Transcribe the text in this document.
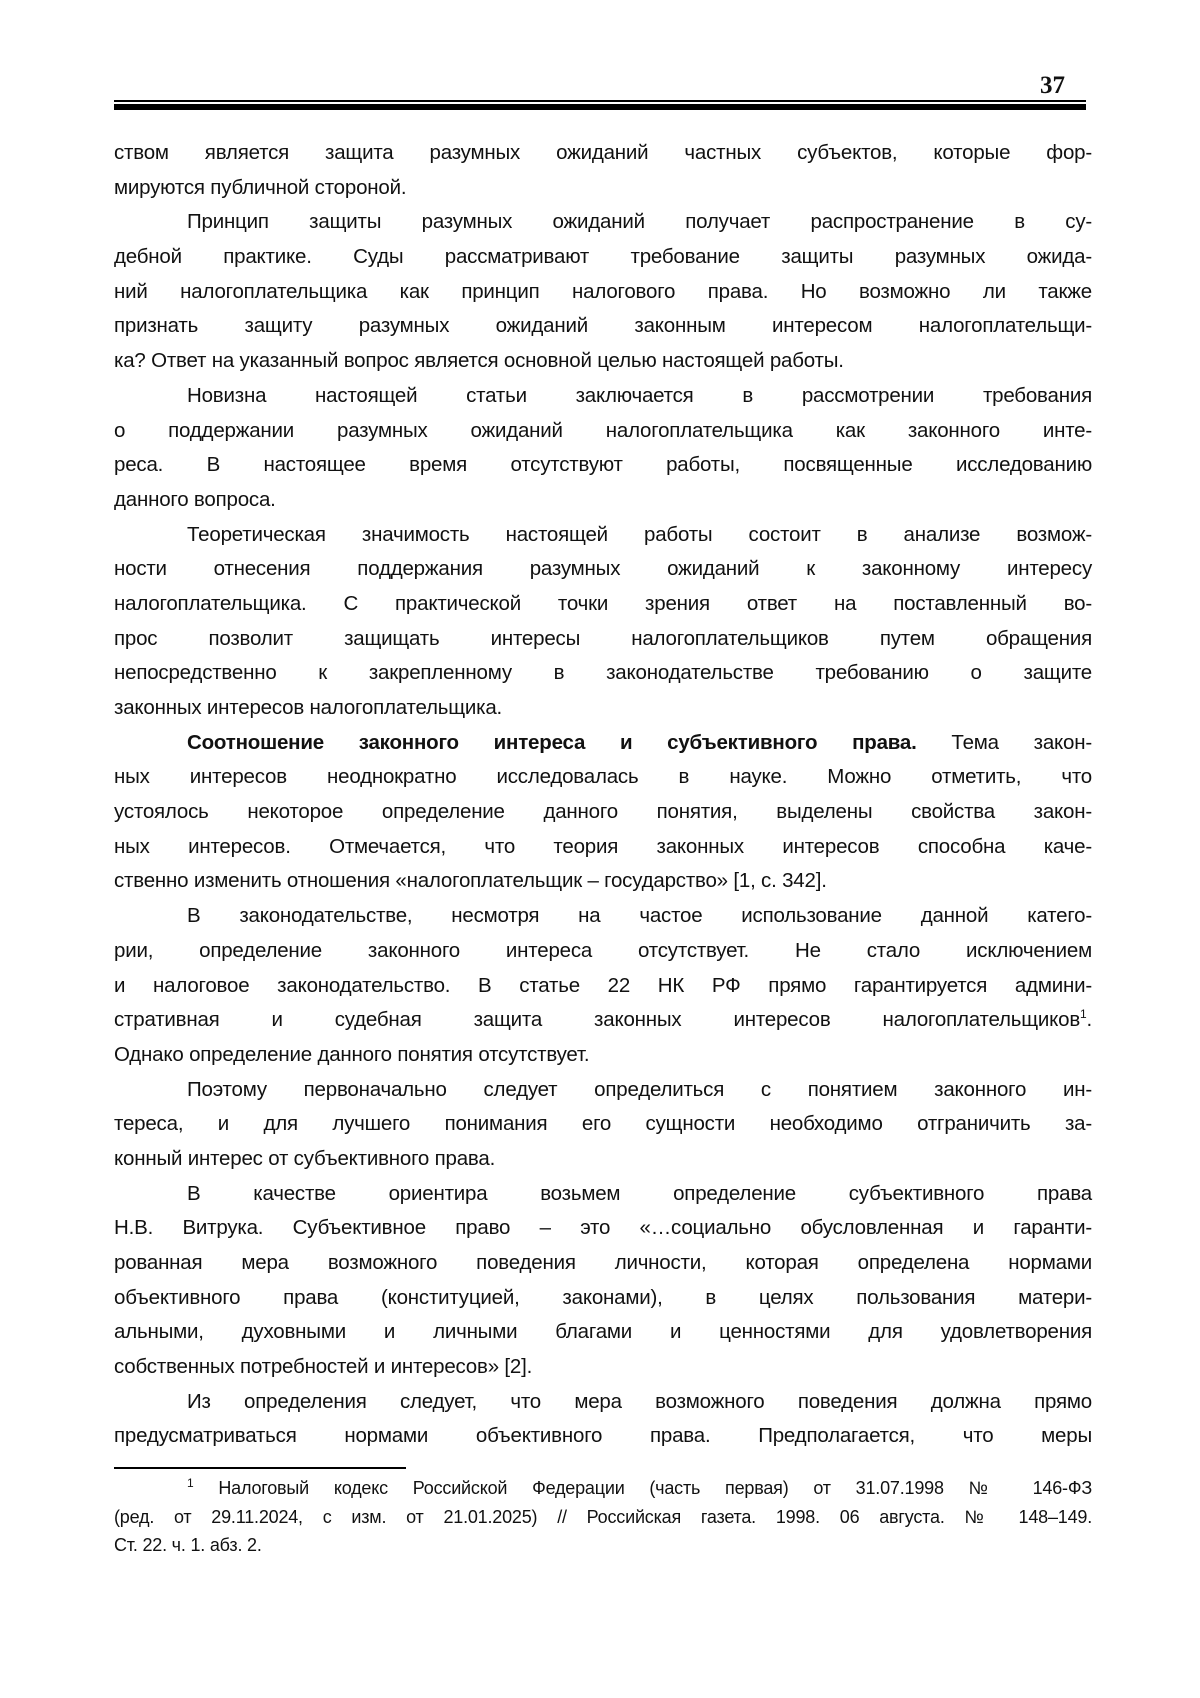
37
ством является защита разумных ожиданий частных субъектов, которые фор-
мируются публичной стороной.
Принцип защиты разумных ожиданий получает распространение в су-
дебной практике. Суды рассматривают требование защиты разумных ожида-
ний налогоплательщика как принцип налогового права. Но возможно ли также
признать защиту разумных ожиданий законным интересом налогоплательщи-
ка? Ответ на указанный вопрос является основной целью настоящей работы.
Новизна настоящей статьи заключается в рассмотрении требования
о поддержании разумных ожиданий налогоплательщика как законного инте-
реса. В настоящее время отсутствуют работы, посвященные исследованию
данного вопроса.
Теоретическая значимость настоящей работы состоит в анализе возмож-
ности отнесения поддержания разумных ожиданий к законному интересу
налогоплательщика. С практической точки зрения ответ на поставленный во-
прос позволит защищать интересы налогоплательщиков путем обращения
непосредственно к закрепленному в законодательстве требованию о защите
законных интересов налогоплательщика.
Соотношение законного интереса и субъективного права. Тема закон-
ных интересов неоднократно исследовалась в науке. Можно отметить, что
устоялось некоторое определение данного понятия, выделены свойства закон-
ных интересов. Отмечается, что теория законных интересов способна каче-
ственно изменить отношения «налогоплательщик – государство» [1, с. 342].
В законодательстве, несмотря на частое использование данной катего-
рии, определение законного интереса отсутствует. Не стало исключением
и налоговое законодательство. В статье 22 НК РФ прямо гарантируется админи-
стративная и судебная защита законных интересов налогоплательщиков$^1$.
Однако определение данного понятия отсутствует.
Поэтому первоначально следует определиться с понятием законного ин-
тереса, и для лучшего понимания его сущности необходимо отграничить за-
конный интерес от субъективного права.
В качестве ориентира возьмем определение субъективного права
Н.В. Витрука. Субъективное право – это «…социально обусловленная и гаранти-
рованная мера возможного поведения личности, которая определена нормами
объективного права (конституцией, законами), в целях пользования матери-
альными, духовными и личными благами и ценностями для удовлетворения
собственных потребностей и интересов» [2].
Из определения следует, что мера возможного поведения должна прямо
предусматриваться нормами объективного права. Предполагается, что меры
$^1$ Налоговый кодекс Российской Федерации (часть первая) от 31.07.1998 № 146-ФЗ
(ред. от 29.11.2024, с изм. от 21.01.2025) // Российская газета. 1998. 06 августа. № 148–149.
Ст. 22. ч. 1. абз. 2.
